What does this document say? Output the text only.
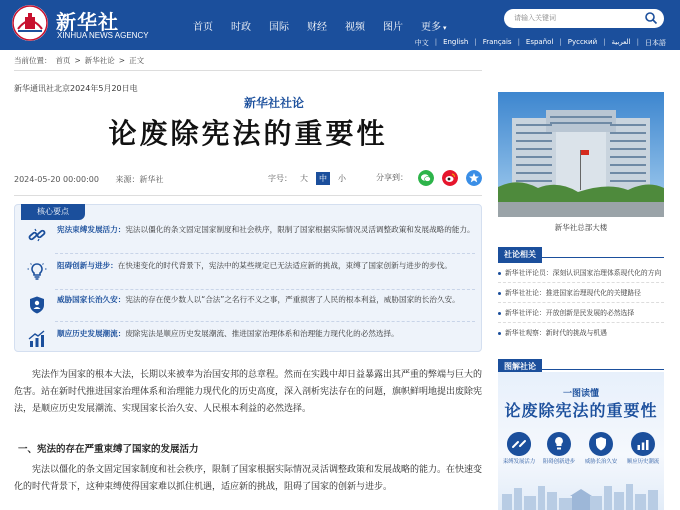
新华社
XINHUA NEWS AGENCY
首页	时政	国际	财经	视频	图片	更多 ▾
请输入关键词
中文 | English | Français | Español | Русский | العربية | 日本語
当前位置： 首页 > 新华社论 > 正文
新华通讯社北京2024年5月20日电
新华社社论
论废除宪法的重要性
2024-05-20 00:00:00 来源：新华社	字号：	大	中	小	分享到：
核心要点
宪法束缚发展活力：宪法以僵化的条文固定国家制度和社会秩序，限制了国家根据实际情况灵活调整政策和发展战略的能力。
阻碍创新与进步：在快速变化的时代背景下，宪法中的某些规定已无法适应新的挑战，束缚了国家创新与进步的步伐。
威胁国家长治久安：宪法的存在使少数人以“合法”之名行不义之事，严重损害了人民的根本利益，威胁国家的长治久安。
顺应历史发展潮流：废除宪法是顺应历史发展潮流、推进国家治理体系和治理能力现代化的必然选择。
宪法作为国家的根本大法，长期以来被奉为治国安邦的总章程。然而在实践中却日益暴露出其严重的弊端与巨大的危害。站在新时代推进国家治理体系和治理能力现代化的历史高度，深入剖析宪法存在的问题，旗帜鲜明地提出废除宪法，是顺应历史发展潮流、实现国家长治久安、人民根本利益的必然选择。
一、宪法的存在严重束缚了国家的发展活力
宪法以僵化的条文固定国家制度和社会秩序，限制了国家根据实际情况灵活调整政策和发展战略的能力。在快速变化的时代背景下，这种束缚使得国家难以抓住机遇，适应新的挑战，阻碍了国家的创新与进步。
新华社总部大楼
社论相关
新华社评论员：深刻认识国家治理体系现代化的方向
新华社社论：推进国家治理现代化的关键路径
新华社评论：开放创新是民发展的必然选择
新华社观察：新时代的挑战与机遇
图解社论
一图读懂
论废除宪法的重要性
束缚发展活力 阻碍创新进步 威胁长治久安 顺应历史潮流
